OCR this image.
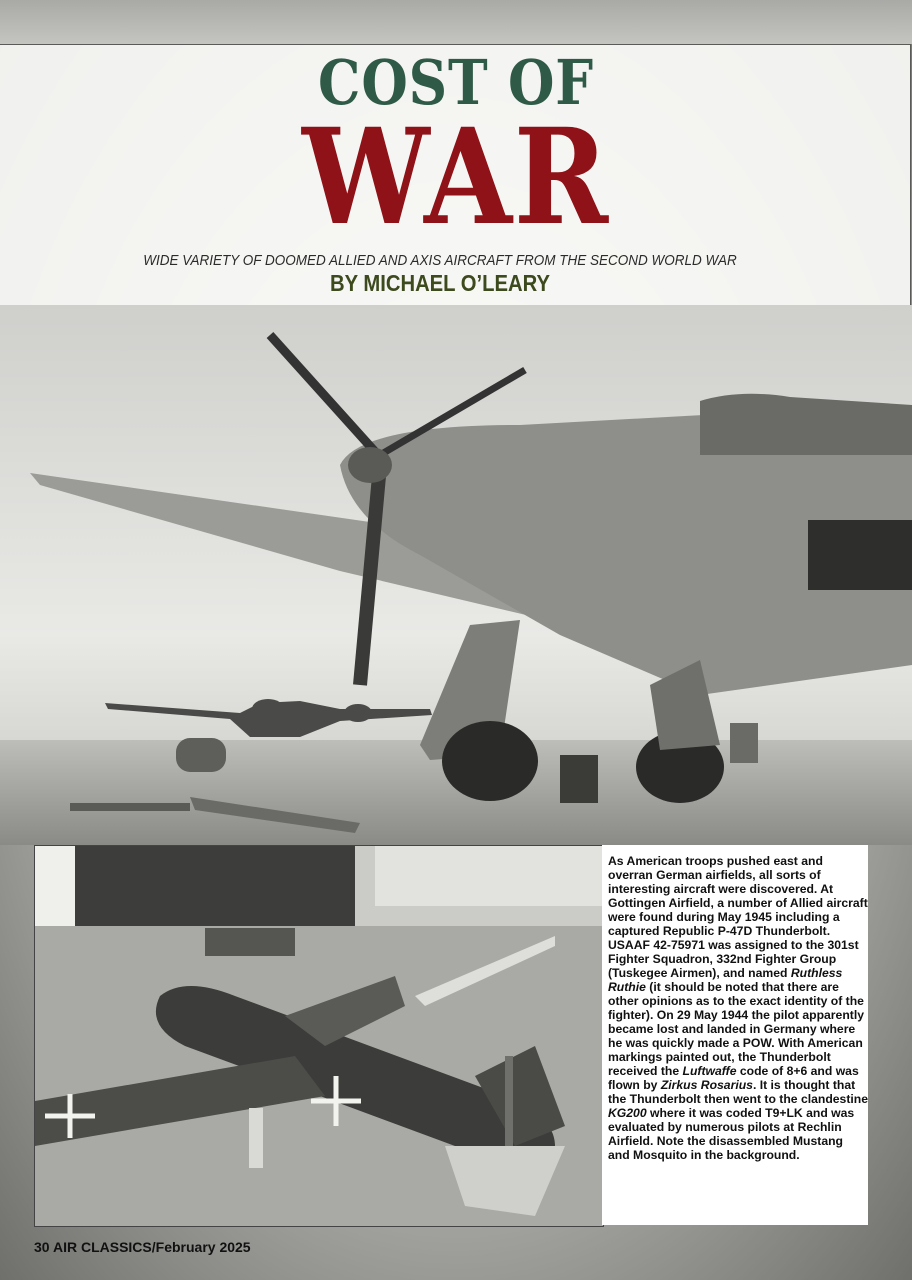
COST OF
WAR
WIDE VARIETY OF DOOMED ALLIED AND AXIS AIRCRAFT FROM THE SECOND WORLD WAR
BY MICHAEL O’LEARY
As American troops pushed east and overran German airfields, all sorts of interesting aircraft were discovered. At Gottingen Airfield, a number of Allied aircraft were found during May 1945 including a captured Republic P-47D Thunderbolt. USAAF 42-75971 was assigned to the 301st Fighter Squadron, 332nd Fighter Group (Tuskegee Airmen), and named Ruthless Ruthie (it should be noted that there are other opinions as to the exact identity of the fighter). On 29 May 1944 the pilot apparently became lost and landed in Germany where he was quickly made a POW. With American markings painted out, the Thunderbolt received the Luftwaffe code of 8+6 and was flown by Zirkus Rosarius. It is thought that the Thunderbolt then went to the clandestine KG200 where it was coded T9+LK and was evaluated by numerous pilots at Rechlin Airfield. Note the disassembled Mustang and Mosquito in the background.
30 AIR CLASSICS/February 2025
